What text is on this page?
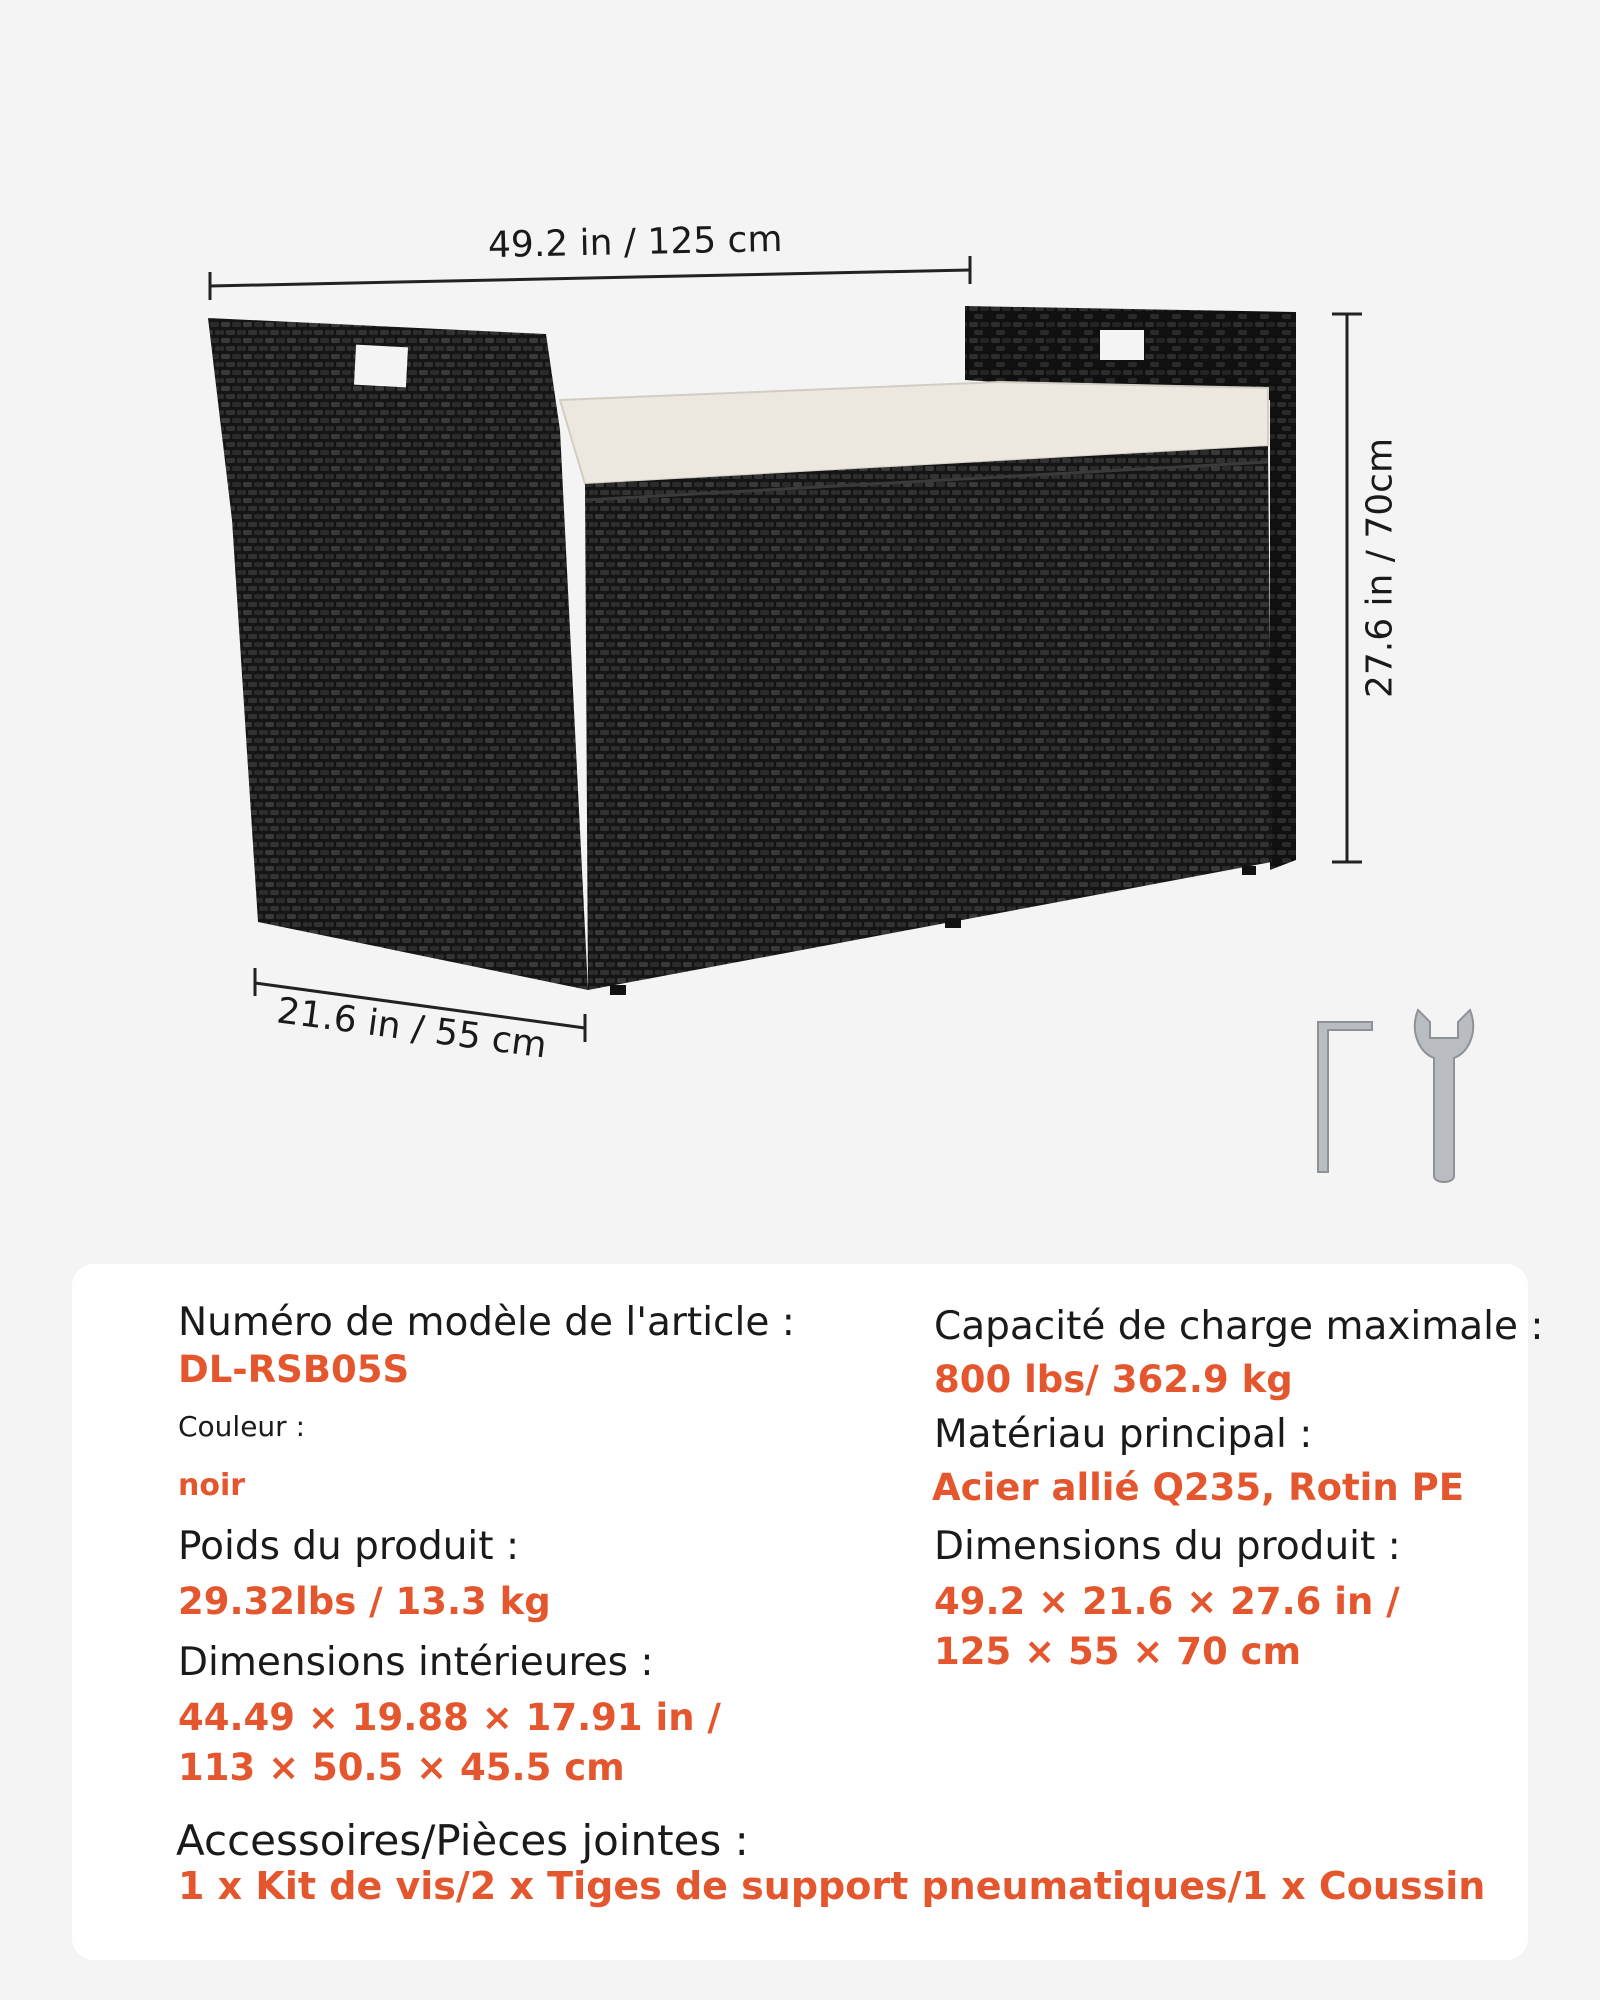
49.2 in / 125 cm
27.6 in / 70cm
21.6 in / 55 cm
Numéro de modèle de l'article :
DL-RSB05S
Couleur :
noir
Poids du produit :
29.32lbs / 13.3 kg
Dimensions intérieures :
44.49 × 19.88 × 17.91 in /
113 × 50.5 × 45.5 cm
Capacité de charge maximale :
800 lbs/ 362.9 kg
Matériau principal :
Acier allié Q235, Rotin PE
Dimensions du produit :
49.2 × 21.6 × 27.6 in /
125 × 55 × 70 cm
Accessoires/Pièces jointes :
1 x Kit de vis/2 x Tiges de support pneumatiques/1 x Coussin
